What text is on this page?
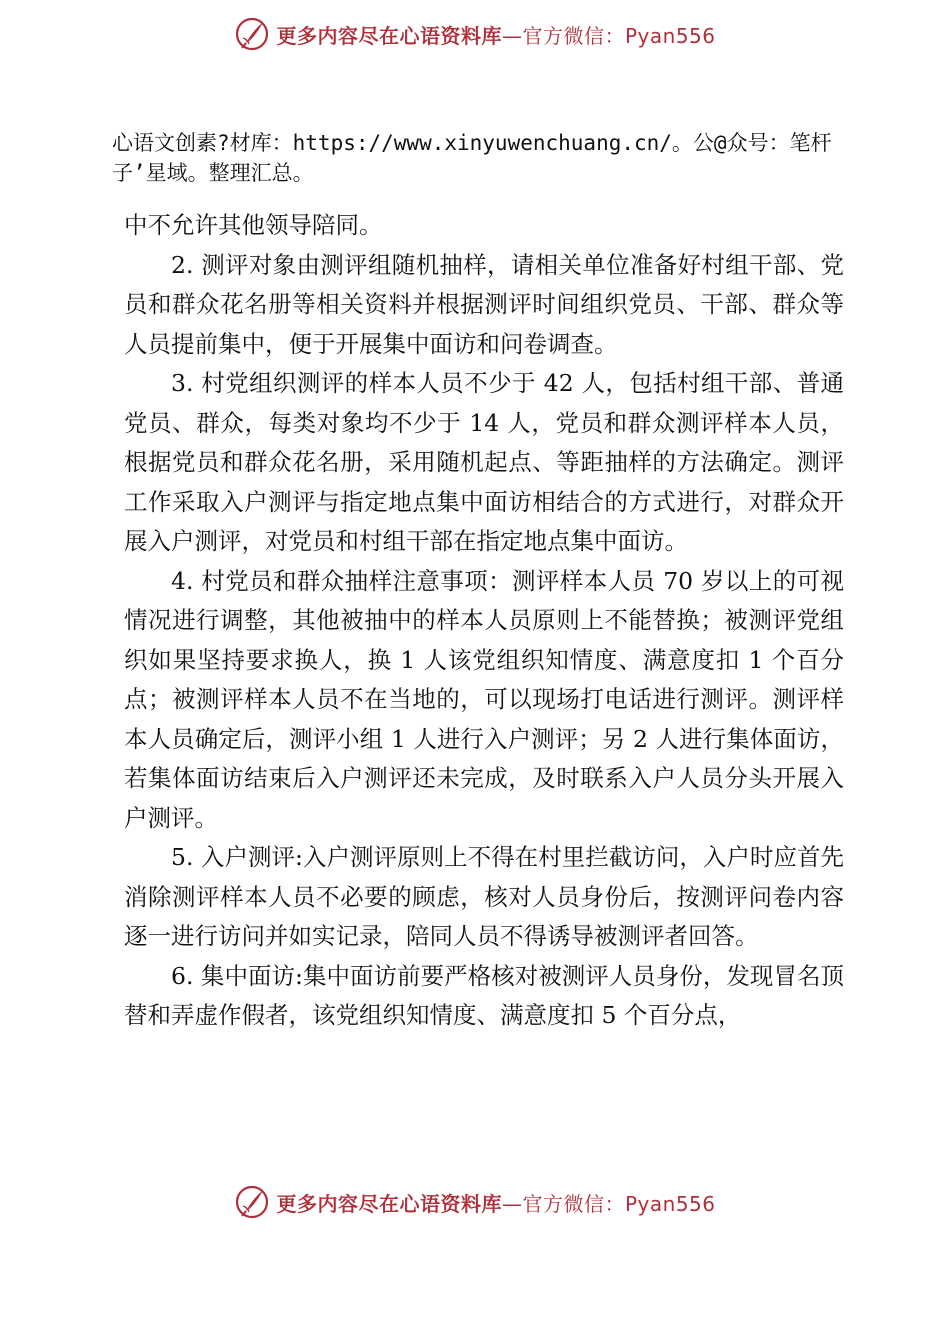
更多内容尽在心语资料库—官方微信：Pyan556
心语文创素?材库：https://www.xinyuwenchuang.cn/。公@众号：笔杆子’星域。整理汇总。

中不允许其他领导陪同。

2. 测评对象由测评组随机抽样，请相关单位准备好村组干部、党员和群众花名册等相关资料并根据测评时间组织党员、干部、群众等人员提前集中，便于开展集中面访和问卷调查。

3. 村党组织测评的样本人员不少于 42 人，包括村组干部、普通党员、群众，每类对象均不少于 14 人，党员和群众测评样本人员，根据党员和群众花名册，采用随机起点、等距抽样的方法确定。测评工作采取入户测评与指定地点集中面访相结合的方式进行，对群众开展入户测评，对党员和村组干部在指定地点集中面访。

4. 村党员和群众抽样注意事项：测评样本人员 70 岁以上的可视情况进行调整，其他被抽中的样本人员原则上不能替换；被测评党组织如果坚持要求换人，换 1 人该党组织知情度、满意度扣 1 个百分点；被测评样本人员不在当地的，可以现场打电话进行测评。测评样本人员确定后，测评小组 1 人进行入户测评；另 2 人进行集体面访，若集体面访结束后入户测评还未完成，及时联系入户人员分头开展入户测评。

5. 入户测评:入户测评原则上不得在村里拦截访问，入户时应首先消除测评样本人员不必要的顾虑，核对人员身份后，按测评问卷内容逐一进行访问并如实记录，陪同人员不得诱导被测评者回答。

6. 集中面访:集中面访前要严格核对被测评人员身份，发现冒名顶替和弄虚作假者，该党组织知情度、满意度扣 5 个百分点，

更多内容尽在心语资料库—官方微信：Pyan556
